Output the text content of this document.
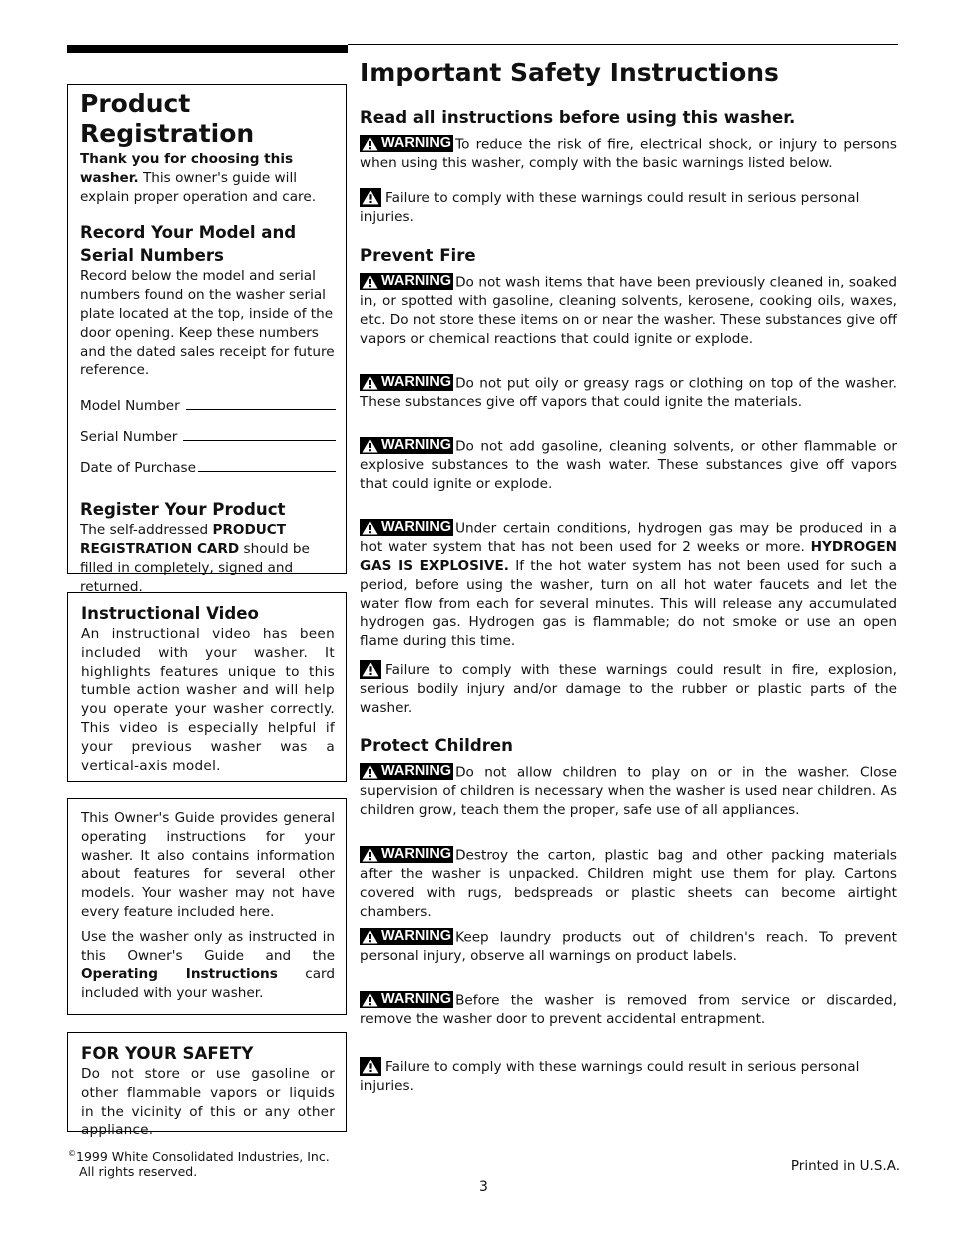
Product Registration

Thank you for choosing this washer. This owner's guide will explain proper operation and care.

Record Your Model and Serial Numbers

Record below the model and serial numbers found on the washer serial plate located at the top, inside of the door opening. Keep these numbers and the dated sales receipt for future reference.

Model Number
Serial Number
Date of Purchase

Register Your Product

The self-addressed PRODUCT REGISTRATION CARD should be filled in completely, signed and returned.

Instructional Video

An instructional video has been included with your washer. It highlights features unique to this tumble action washer and will help you operate your washer correctly. This video is especially helpful if your previous washer was a vertical-axis model.

This Owner's Guide provides general operating instructions for your washer. It also contains information about features for several other models. Your washer may not have every feature included here.

Use the washer only as instructed in this Owner's Guide and the Operating Instructions card included with your washer.

FOR YOUR SAFETY

Do not store or use gasoline or other flammable vapors or liquids in the vicinity of this or any other appliance.

Important Safety Instructions

Read all instructions before using this washer.

WARNING To reduce the risk of fire, electrical shock, or injury to persons when using this washer, comply with the basic warnings listed below.

Failure to comply with these warnings could result in serious personal injuries.

Prevent Fire

WARNING Do not wash items that have been previously cleaned in, soaked in, or spotted with gasoline, cleaning solvents, kerosene, cooking oils, waxes, etc. Do not store these items on or near the washer. These substances give off vapors or chemical reactions that could ignite or explode.

WARNING Do not put oily or greasy rags or clothing on top of the washer. These substances give off vapors that could ignite the materials.

WARNING Do not add gasoline, cleaning solvents, or other flammable or explosive substances to the wash water. These substances give off vapors that could ignite or explode.

WARNING Under certain conditions, hydrogen gas may be produced in a hot water system that has not been used for 2 weeks or more. HYDROGEN GAS IS EXPLOSIVE. If the hot water system has not been used for such a period, before using the washer, turn on all hot water faucets and let the water flow from each for several minutes. This will release any accumulated hydrogen gas. Hydrogen gas is flammable; do not smoke or use an open flame during this time.

Failure to comply with these warnings could result in fire, explosion, serious bodily injury and/or damage to the rubber or plastic parts of the washer.

Protect Children

WARNING Do not allow children to play on or in the washer. Close supervision of children is necessary when the washer is used near children. As children grow, teach them the proper, safe use of all appliances.

WARNING Destroy the carton, plastic bag and other packing materials after the washer is unpacked. Children might use them for play. Cartons covered with rugs, bedspreads or plastic sheets can become airtight chambers.

WARNING Keep laundry products out of children's reach. To prevent personal injury, observe all warnings on product labels.

WARNING Before the washer is removed from service or discarded, remove the washer door to prevent accidental entrapment.

Failure to comply with these warnings could result in serious personal injuries.

©1999 White Consolidated Industries, Inc.
All rights reserved.	Printed in U.S.A.
3
